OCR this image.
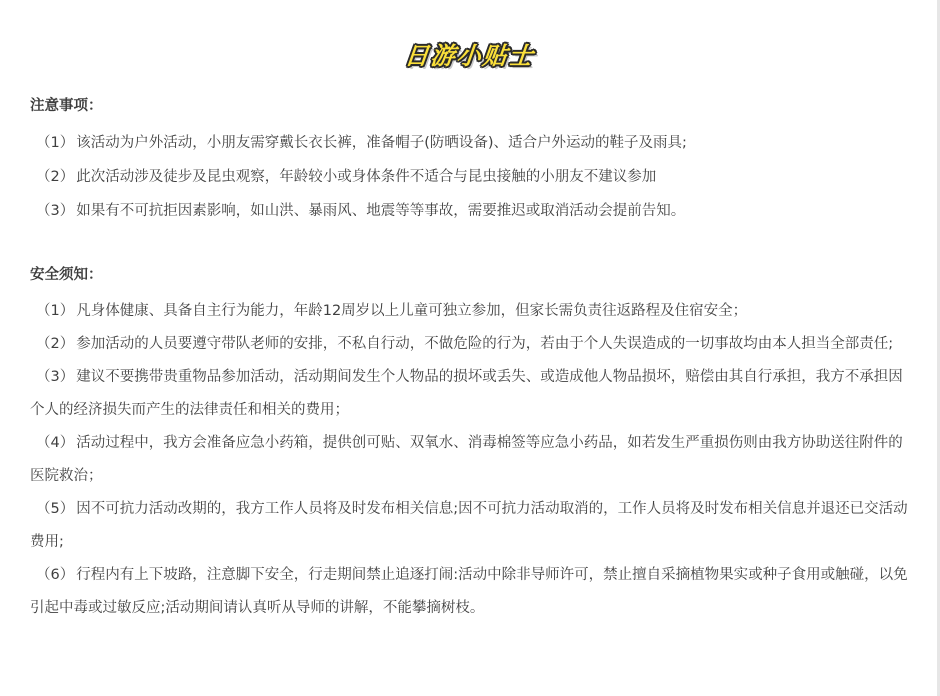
日游小贴士

注意事项：

（1） 该活动为户外活动，小朋友需穿戴长衣长裤，准备帽子(防晒设备)、适合户外运动的鞋子及雨具;

（2） 此次活动涉及徒步及昆虫观察，年龄较小或身体条件不适合与昆虫接触的小朋友不建议参加

（3） 如果有不可抗拒因素影响，如山洪、暴雨风、地震等等事故，需要推迟或取消活动会提前告知。

安全须知：

（1） 凡身体健康、具备自主行为能力，年龄12周岁以上儿童可独立参加，但家长需负责往返路程及住宿安全；

（2） 参加活动的人员要遵守带队老师的安排，不私自行动，不做危险的行为，若由于个人失误造成的一切事故均由本人担当全部责任;

（3） 建议不要携带贵重物品参加活动，活动期间发生个人物品的损坏或丢失、或造成他人物品损坏，赔偿由其自行承担，我方不承担因个人的经济损失而产生的法律责任和相关的费用；

（4） 活动过程中，我方会准备应急小药箱，提供创可贴、双氧水、消毒棉签等应急小药品，如若发生严重损伤则由我方协助送往附件的医院救治；

（5） 因不可抗力活动改期的，我方工作人员将及时发布相关信息;因不可抗力活动取消的，工作人员将及时发布相关信息并退还已交活动费用;

（6） 行程内有上下坡路，注意脚下安全，行走期间禁止追逐打闹:活动中除非导师许可，禁止擅自采摘植物果实或种子食用或触碰，以免引起中毒或过敏反应;活动期间请认真听从导师的讲解，不能攀摘树枝。
